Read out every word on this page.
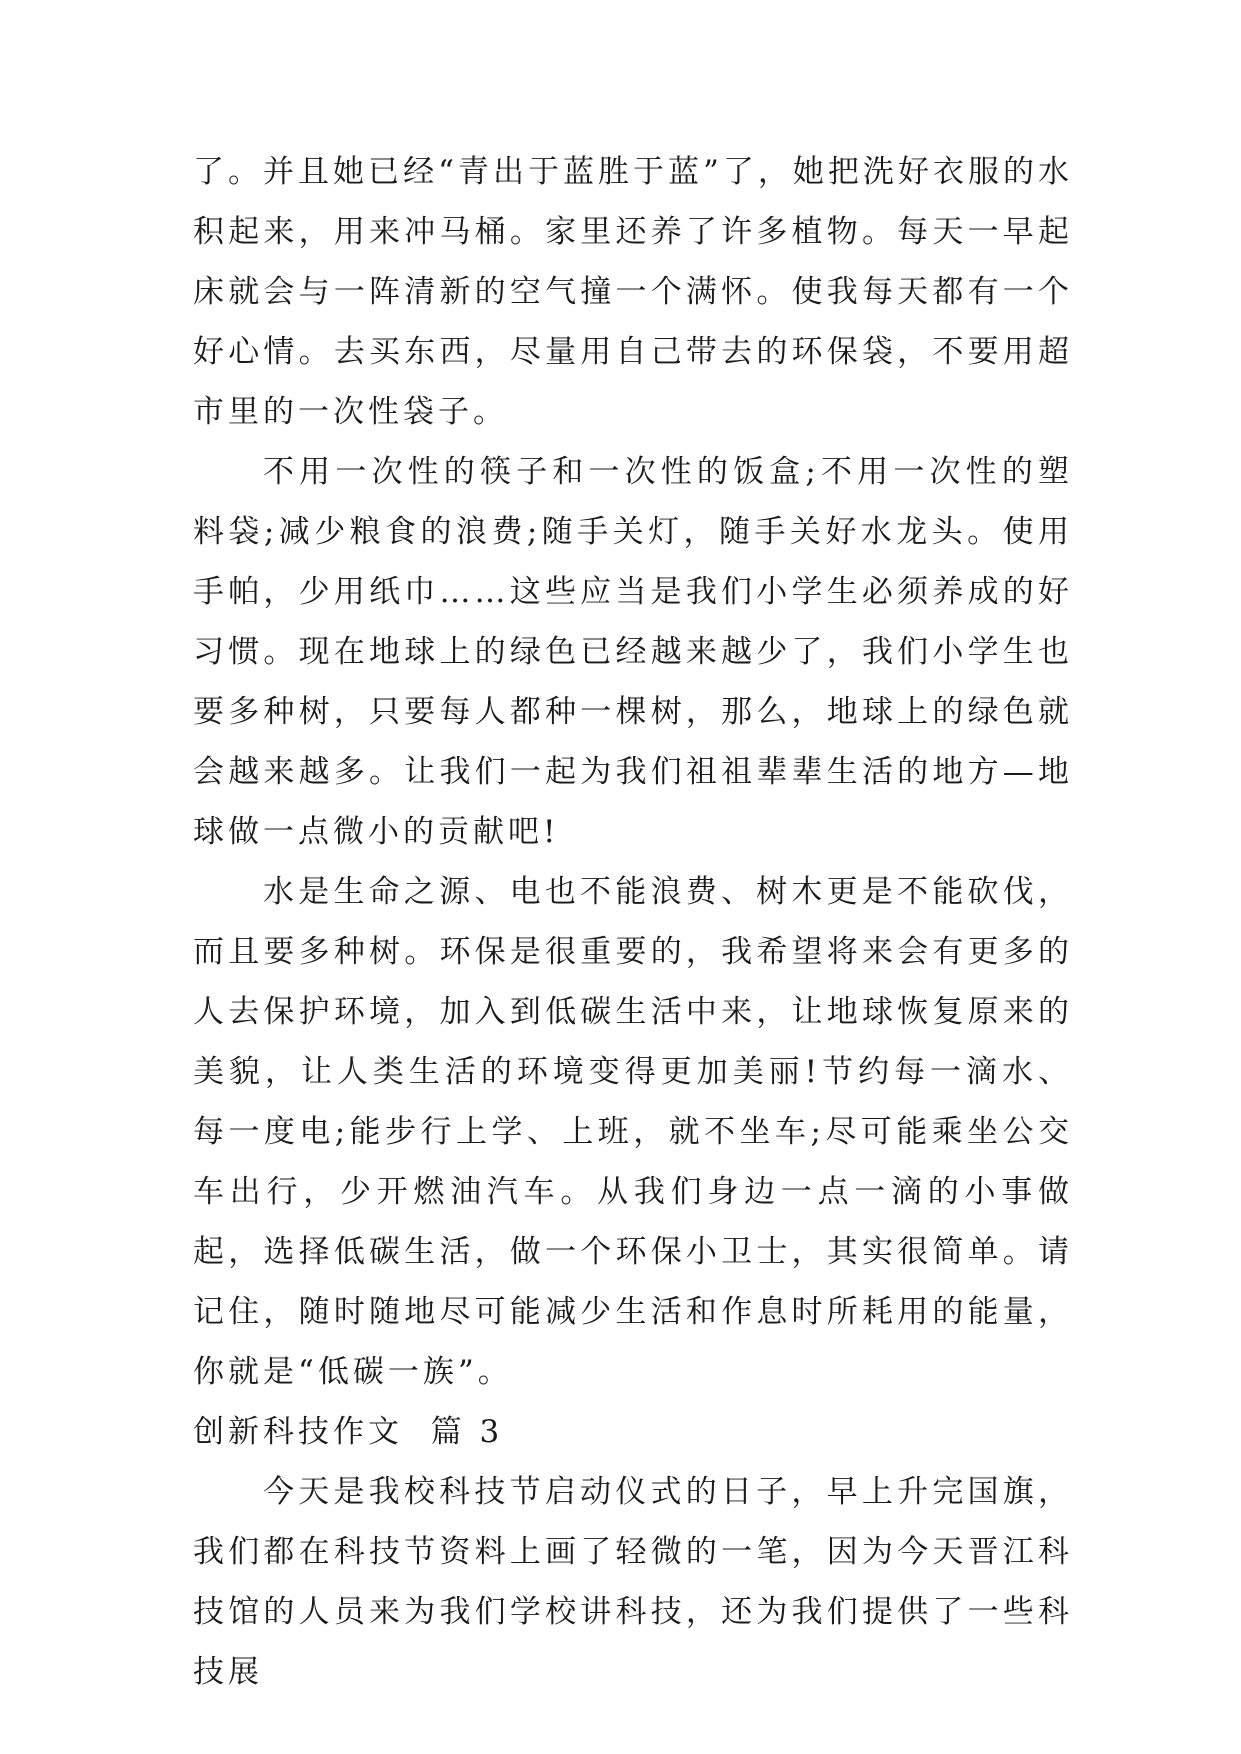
了。并且她已经“青出于蓝胜于蓝”了，她把洗好衣服的水积起来，用来冲马桶。家里还养了许多植物。每天一早起床就会与一阵清新的空气撞一个满怀。使我每天都有一个好心情。去买东西，尽量用自己带去的环保袋，不要用超市里的一次性袋子。

不用一次性的筷子和一次性的饭盒;不用一次性的塑料袋;减少粮食的浪费;随手关灯，随手关好水龙头。使用手帕，少用纸巾……这些应当是我们小学生必须养成的好习惯。现在地球上的绿色已经越来越少了，我们小学生也要多种树，只要每人都种一棵树，那么，地球上的绿色就会越来越多。让我们一起为我们祖祖辈辈生活的地方—地球做一点微小的贡献吧!

水是生命之源、电也不能浪费、树木更是不能砍伐，而且要多种树。环保是很重要的，我希望将来会有更多的人去保护环境，加入到低碳生活中来，让地球恢复原来的美貌，让人类生活的环境变得更加美丽!节约每一滴水、每一度电;能步行上学、上班，就不坐车;尽可能乘坐公交车出行，少开燃油汽车。从我们身边一点一滴的小事做起，选择低碳生活，做一个环保小卫士，其实很简单。请记住，随时随地尽可能减少生活和作息时所耗用的能量，你就是“低碳一族”。

创新科技作文  篇 3

今天是我校科技节启动仪式的日子，早上升完国旗，我们都在科技节资料上画了轻微的一笔，因为今天晋江科技馆的人员来为我们学校讲科技，还为我们提供了一些科技展
